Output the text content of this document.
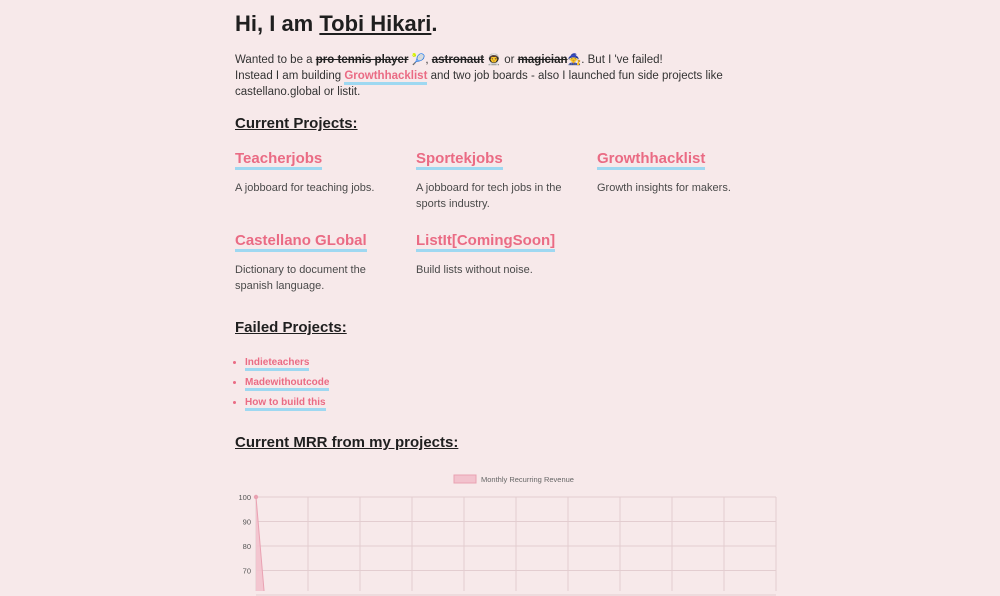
Hi, I am Tobi Hikari.
Wanted to be a pro tennis player 🎾, astronaut 👨‍🚀 or magician🧙. But I 've failed!
Instead I am building Growthhacklist and two job boards - also I launched fun side projects like castellano.global or listit.
Current Projects:
Teacherjobs
A jobboard for teaching jobs.
Sportekjobs
A jobboard for tech jobs in the sports industry.
Growthhacklist
Growth insights for makers.
Castellano GLobal
Dictionary to document the spanish language.
ListIt[ComingSoon]
Build lists without noise.
Failed Projects:
• Indieteachers
• Madewithoutcode
• How to build this
Current MRR from my projects:
Monthly Recurring Revenue
100
90
80
70
